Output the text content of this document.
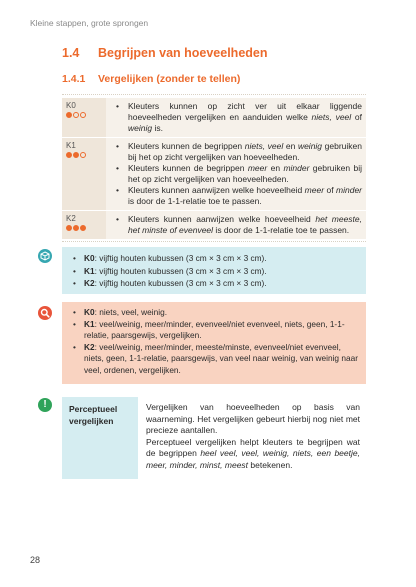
Kleine stappen, grote sprongen
1.4 Begrijpen van hoeveelheden
1.4.1 Vergelijken (zonder te tellen)
K0	• Kleuters kunnen op zicht ver uit elkaar liggende hoeveelheden vergelijken en aanduiden welke niets, veel of weinig is.
K1	• Kleuters kunnen de begrippen niets, veel en weinig gebruiken bij het op zicht vergelijken van hoeveelheden.
• Kleuters kunnen de begrippen meer en minder gebruiken bij het op zicht vergelijken van hoeveelheden.
• Kleuters kunnen aanwijzen welke hoeveelheid meer of minder is door de 1-1-relatie toe te passen.
K2	• Kleuters kunnen aanwijzen welke hoeveelheid het meeste, het minste of evenveel is door de 1-1-relatie toe te passen.
• K0: vijftig houten kubussen (3 cm × 3 cm × 3 cm).
• K1: vijftig houten kubussen (3 cm × 3 cm × 3 cm).
• K2: vijftig houten kubussen (3 cm × 3 cm × 3 cm).
• K0: niets, veel, weinig.
• K1: veel/weinig, meer/minder, evenveel/niet evenveel, niets, geen, 1-1-relatie, paarsgewijs, vergelijken.
• K2: veel/weinig, meer/minder, meeste/minste, evenveel/niet evenveel, niets, geen, 1-1-relatie, paarsgewijs, van veel naar weinig, van weinig naar veel, ordenen, vergelijken.
!	Perceptueel vergelijken

Vergelijken van hoeveelheden op basis van waarneming. Het vergelijken gebeurt hierbij nog niet met precieze aantallen.

Perceptueel vergelijken helpt kleuters te begrijpen wat de begrippen heel veel, veel, weinig, niets, een beetje, meer, minder, minst, meest betekenen.

28
